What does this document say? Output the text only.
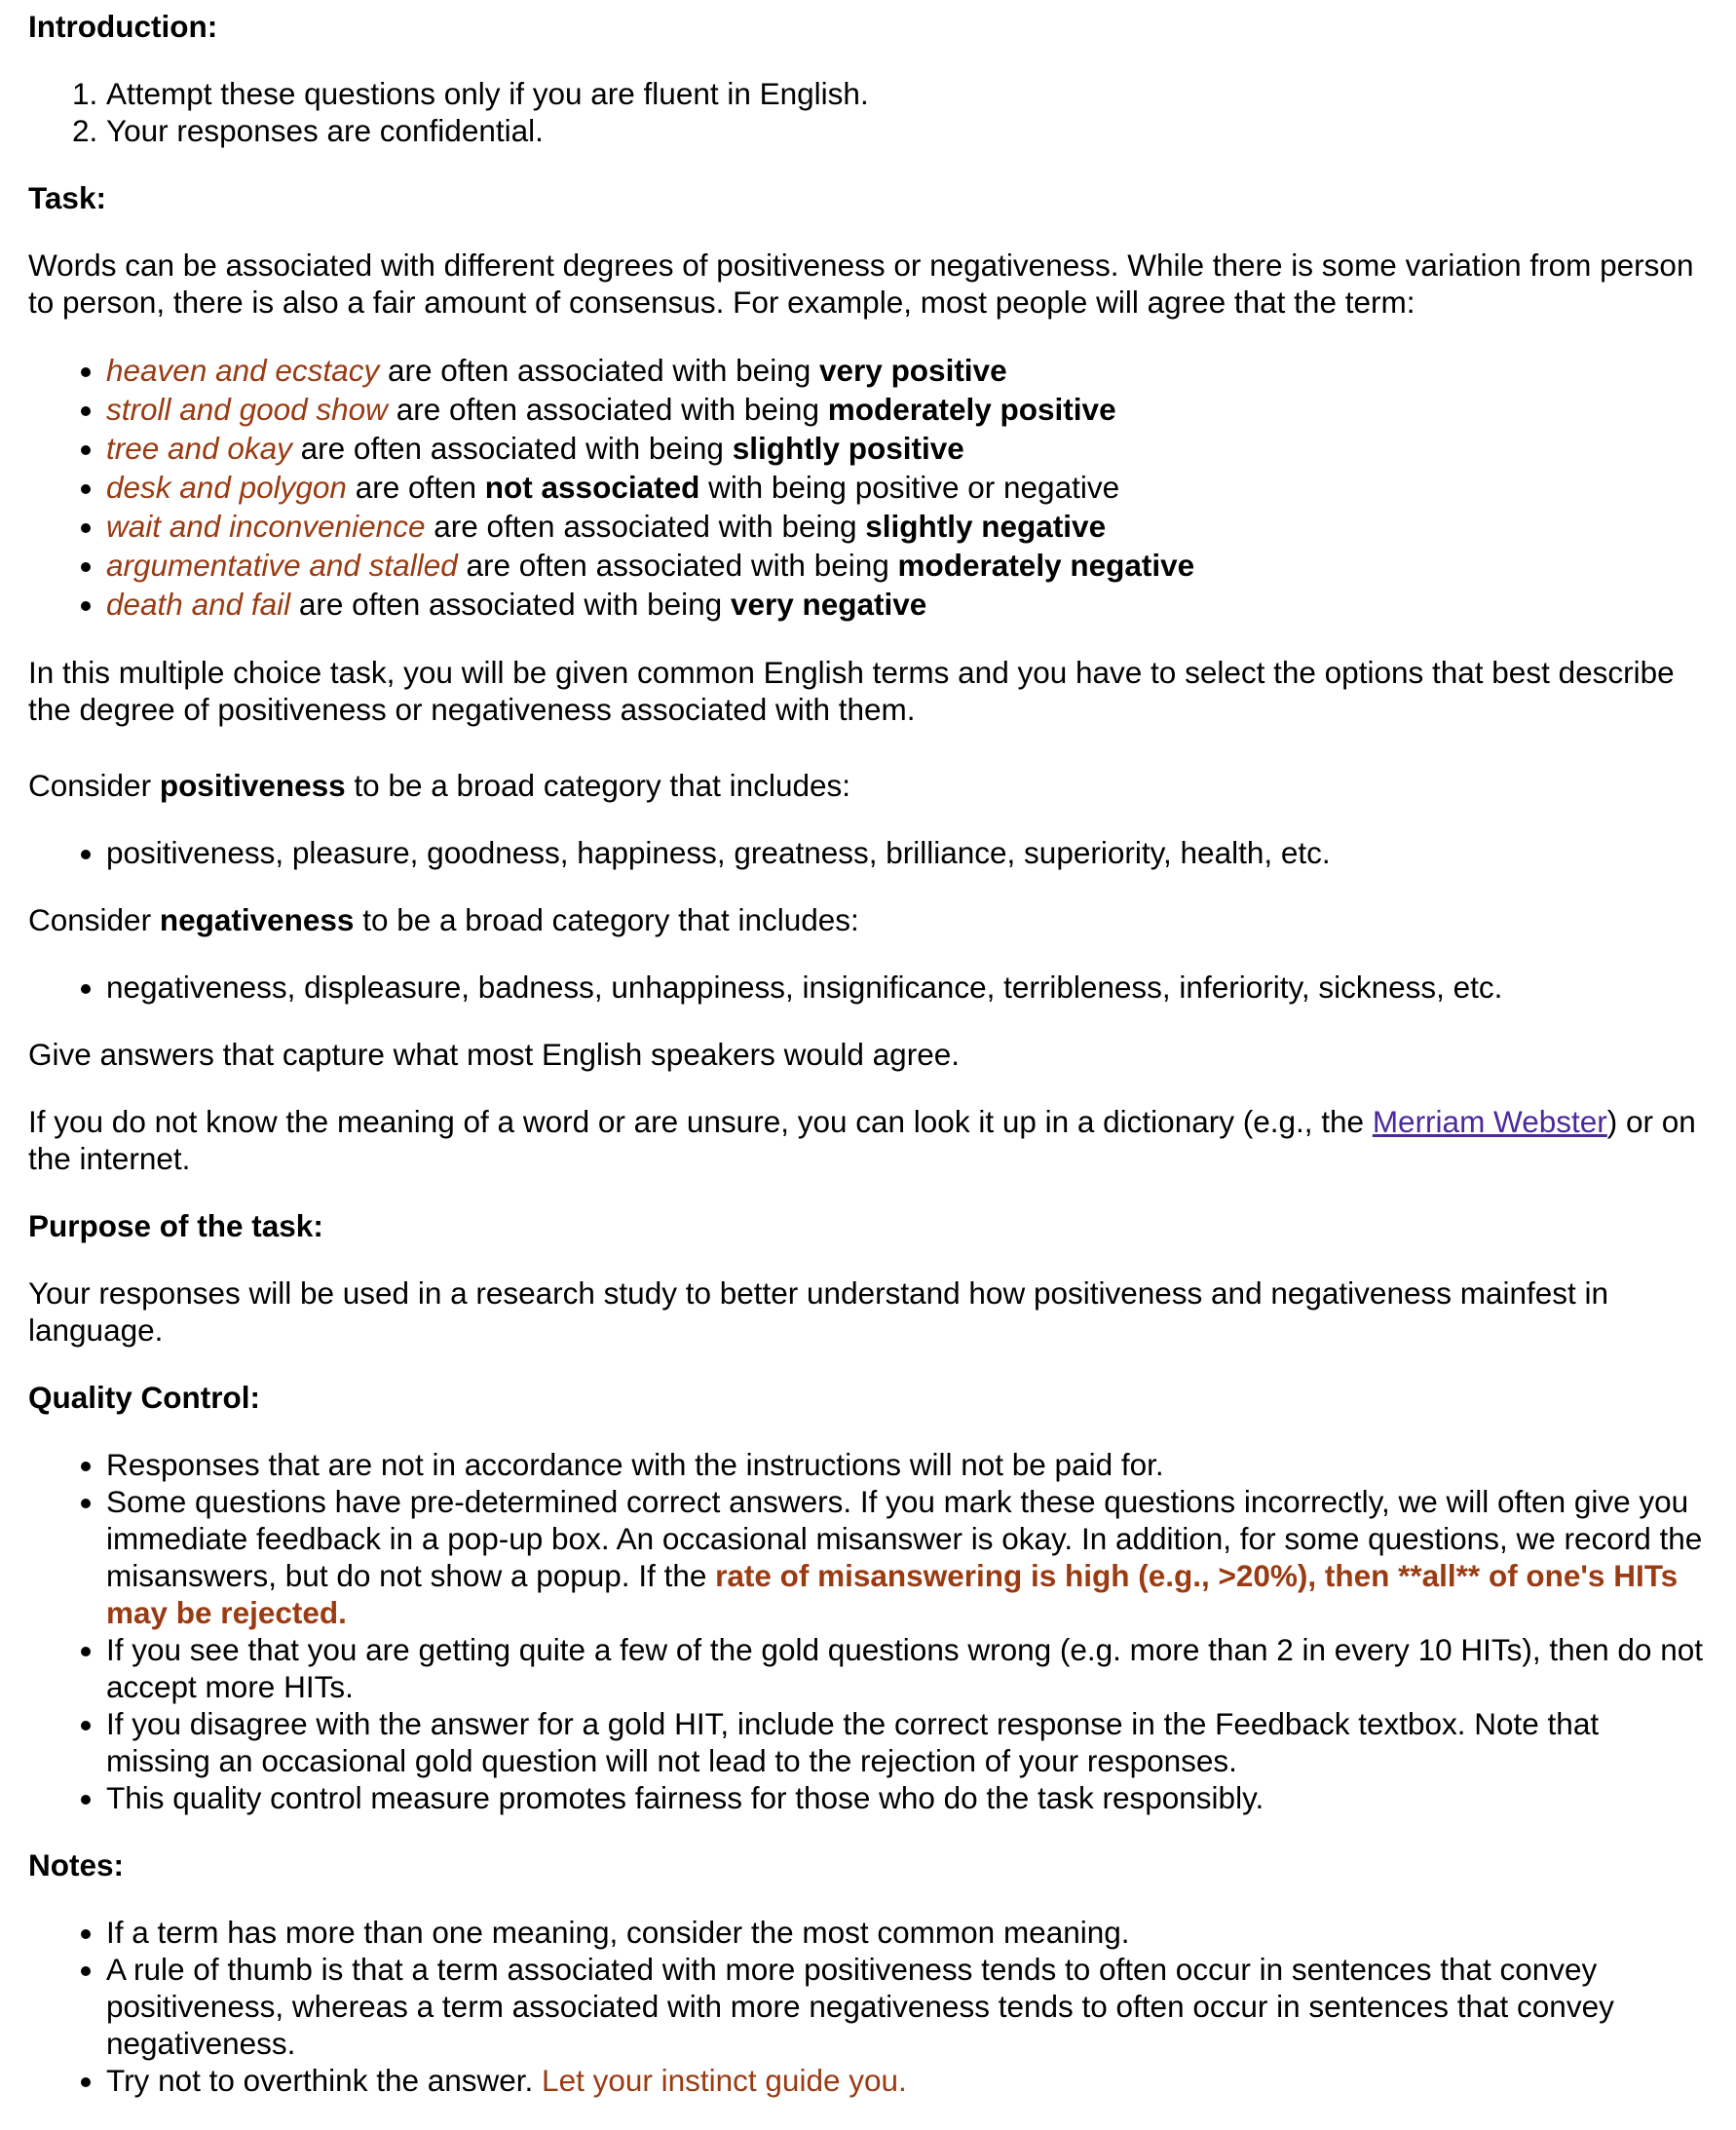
Introduction:
1. Attempt these questions only if you are fluent in English.
2. Your responses are confidential.
Task:

Words can be associated with different degrees of positiveness or negativeness. While there is some variation from person to person, there is also a fair amount of consensus. For example, most people will agree that the term:

• heaven and ecstacy are often associated with being very positive
• stroll and good show are often associated with being moderately positive
• tree and okay are often associated with being slightly positive
• desk and polygon are often not associated with being positive or negative
• wait and inconvenience are often associated with being slightly negative
• argumentative and stalled are often associated with being moderately negative
• death and fail are often associated with being very negative

In this multiple choice task, you will be given common English terms and you have to select the options that best describe the degree of positiveness or negativeness associated with them.

Consider positiveness to be a broad category that includes:

• positiveness, pleasure, goodness, happiness, greatness, brilliance, superiority, health, etc.

Consider negativeness to be a broad category that includes:

• negativeness, displeasure, badness, unhappiness, insignificance, terribleness, inferiority, sickness, etc.

Give answers that capture what most English speakers would agree.

If you do not know the meaning of a word or are unsure, you can look it up in a dictionary (e.g., the Merriam Webster) or on the internet.

Purpose of the task:

Your responses will be used in a research study to better understand how positiveness and negativeness mainfest in language.

Quality Control:
• Responses that are not in accordance with the instructions will not be paid for.
• Some questions have pre-determined correct answers. If you mark these questions incorrectly, we will often give you immediate feedback in a pop-up box. An occasional misanswer is okay. In addition, for some questions, we record the misanswers, but do not show a popup. If the rate of misanswering is high (e.g., >20%), then **all** of one's HITs may be rejected.
• If you see that you are getting quite a few of the gold questions wrong (e.g. more than 2 in every 10 HITs), then do not accept more HITs.
• If you disagree with the answer for a gold HIT, include the correct response in the Feedback textbox. Note that missing an occasional gold question will not lead to the rejection of your responses.
• This quality control measure promotes fairness for those who do the task responsibly.
Notes:
• If a term has more than one meaning, consider the most common meaning.
• A rule of thumb is that a term associated with more positiveness tends to often occur in sentences that convey positiveness, whereas a term associated with more negativeness tends to often occur in sentences that convey negativeness.
• Try not to overthink the answer. Let your instinct guide you.
